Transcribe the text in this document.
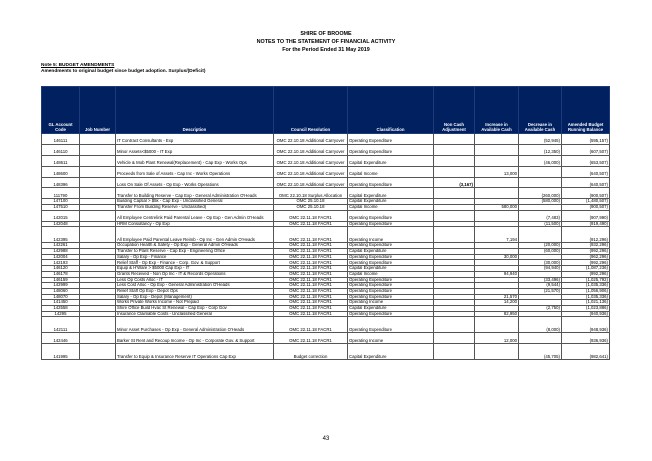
SHIRE OF BROOME
NOTES TO THE STATEMENT OF FINANCIAL ACTIVITY
For the Period Ended 31 May 2019
Note 5: BUDGET AMENDMENTS
Amendments to original budget since budget adoption. Surplus/(Deficit)
GL Account Code	Job Number	Description	Council Resolution	Classification	Non Cash Adjustment	Increase in Available Cash	Decrease in Available Cash	Amended Budget Running Balance
146111		IT Contract Consultants - Exp	OMC 22.10.18 Additional Carryover	Operating Expenditure			(52,945)	(595,157)
146110		Minor Assets<$5000 - IT Exp	OMC 22.10.18 Additional Carryover	Operating Expenditure			(12,350)	(607,507)
148611		Vehicle & Mob Plant Renewal(Replacement) - Cap Exp - Works Ops	OMC 22.10.18 Additional Carryover	Capital Expenditure			(46,000)	(653,507)
148600		Proceeds from Sale of Assets - Cap Inc - Works Operations	OMC 22.10.18 Additional Carryover	Capital Income		13,000		(640,507)
148396		Loss On Sale Of Assets - Op Exp - Works Operations	OMC 22.10.18 Additional Carryover	Operating Expenditure	(3,167)			(640,507)
111790		Transfer to Building Reserve - Cap Exp - General Administration O'Heads	OMC 22.10.18 Surplus Allocation	Capital Expenditure			(260,000)	(900,507)
147100		Building Captial > $5k - Cap Exp - Unclassified General	OMC 25.10.18	Capital Expenditure			(580,000)	(1,480,507)
147510		Transfer From Building Reserve - Unclassified)	OMC 25.10.18	Capital Income		580,000		(900,507)
142015		All Employee Centrelink Paid Parental Leave - Op Exp - Gen Admin O'Heads	OMC 22.11.18 FACR1	Operating Expenditure			(7,483)	(907,990)
142048		HRM Consultancy - Op Exp	OMC 22.11.18 FACR1	Operating Expenditure			(11,500)	(919,490)
142395		All Employee Paid Parental Leave Reimb - Op Inc - Gen Admin O'Heads	OMC 22.11.18 FACR1	Operating Income		7,194		(912,296)
142261		Occupation Health & Safety - Op Exp - General Admin O'Heads	OMC 22.11.18 FACR1	Operating Expenditure			(20,000)	(932,296)
142988		Transfer to Plant Reserve - Cap Exp - Engineering Office	OMC 22.11.18 FACR1	Capital Expenditure			(60,000)	(992,296)
142004		Salary - Op Exp - Finance	OMC 22.11.18 FACR1	Operating Expenditure		30,000		(962,296)
142193		Relief Staff - Op Exp - Finance - Corp. Gov. & Support	OMC 22.11.18 FACR1	Operating Expenditure			(30,000)	(992,296)
146120		Equip & H'Ware > $5000 Cap Exp - IT	OMC 22.11.18 FACR1	Capital Expenditure			(94,940)	(1,087,236)
146178		Grants Received - Non Op Inc - IT & Records Operations	OMC 22.11.18 FACR1	Capital Income		94,940		(992,296)
146159		Less Op Costs Alloc - IT	OMC 22.11.18 FACR1	Operating Expenditure			(33,496)	(1,025,792)
142999		Less Cost Alloc - Op Exp - General Administration O'Heads	OMC 22.11.18 FACR1	Operating Expenditure			(9,544)	(1,035,336)
148060		Relief Staff Op Exp - Depot Ops	OMC 22.11.18 FACR1	Operating Expenditure			(21,570)	(1,056,906)
148070		Salary - Op Exp - Depot (Management)	OMC 22.11.18 FACR1	Operating Expenditure		21,570		(1,035,336)
141450		Works Private Works Income - Not Prepaid	OMC 22.11.18 FACR1	Operating Income		14,200		(1,021,136)
142558		Shire Office Build Hvac St Renewal - Cap Exp - Corp Gov	OMC 22.11.18 FACR1	Capital Expenditure			(2,750)	(1,023,886)
14295		Insurance Claimable Costs - Unclassified General	OMC 22.11.18 FACR1	Operating Expenditure		82,950		(940,936)
142111		Minor Asset Purchases - Op Exp - General Administration O'Heads	OMC 22.11.18 FACR1	Operating Expenditure			(8,000)	(948,936)
142446		Barker St Rent and Recoup Income - Op Inc - Corporate Gov. & Support	OMC 22.11.18 FACR1	Operating Income		12,000		(936,936)
141995		Transfer to Equip & Insurance Reserve IT Operations Cap Exp	Budget correction	Capital Expenditure			(45,705)	(982,641)
43
